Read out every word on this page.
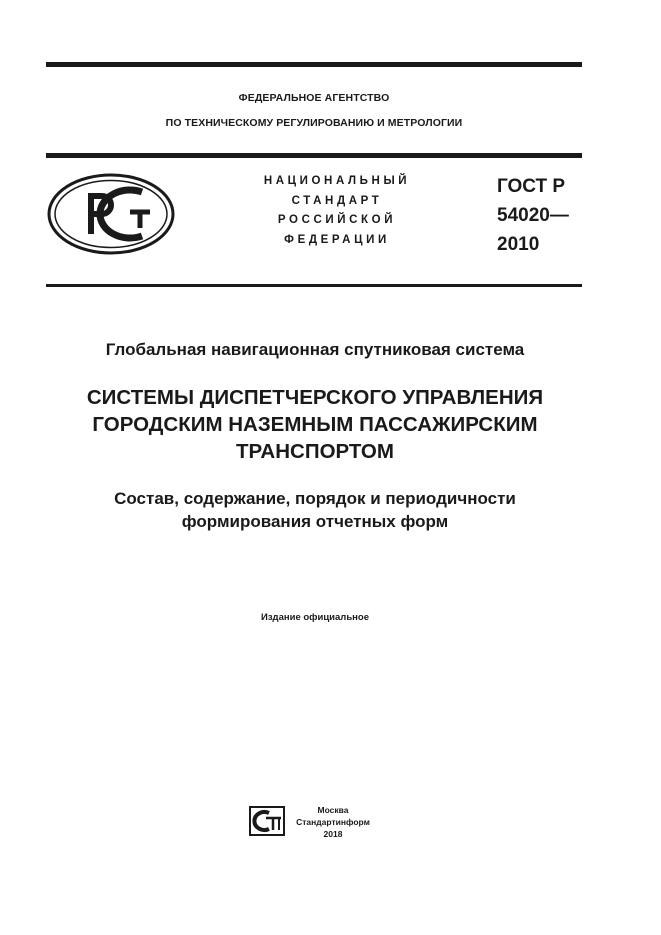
ФЕДЕРАЛЬНОЕ АГЕНТСТВО
ПО ТЕХНИЧЕСКОМУ РЕГУЛИРОВАНИЮ И МЕТРОЛОГИИ
НАЦИОНАЛЬНЫЙ
СТАНДАРТ
РОССИЙСКОЙ
ФЕДЕРАЦИИ
ГОСТ Р
54020—
2010
Глобальная навигационная спутниковая система
СИСТЕМЫ ДИСПЕТЧЕРСКОГО УПРАВЛЕНИЯ
ГОРОДСКИМ НАЗЕМНЫМ ПАССАЖИРСКИМ
ТРАНСПОРТОМ
Состав, содержание, порядок и периодичности
формирования отчетных форм
Издание официальное
Москва
Стандартинформ
2018
